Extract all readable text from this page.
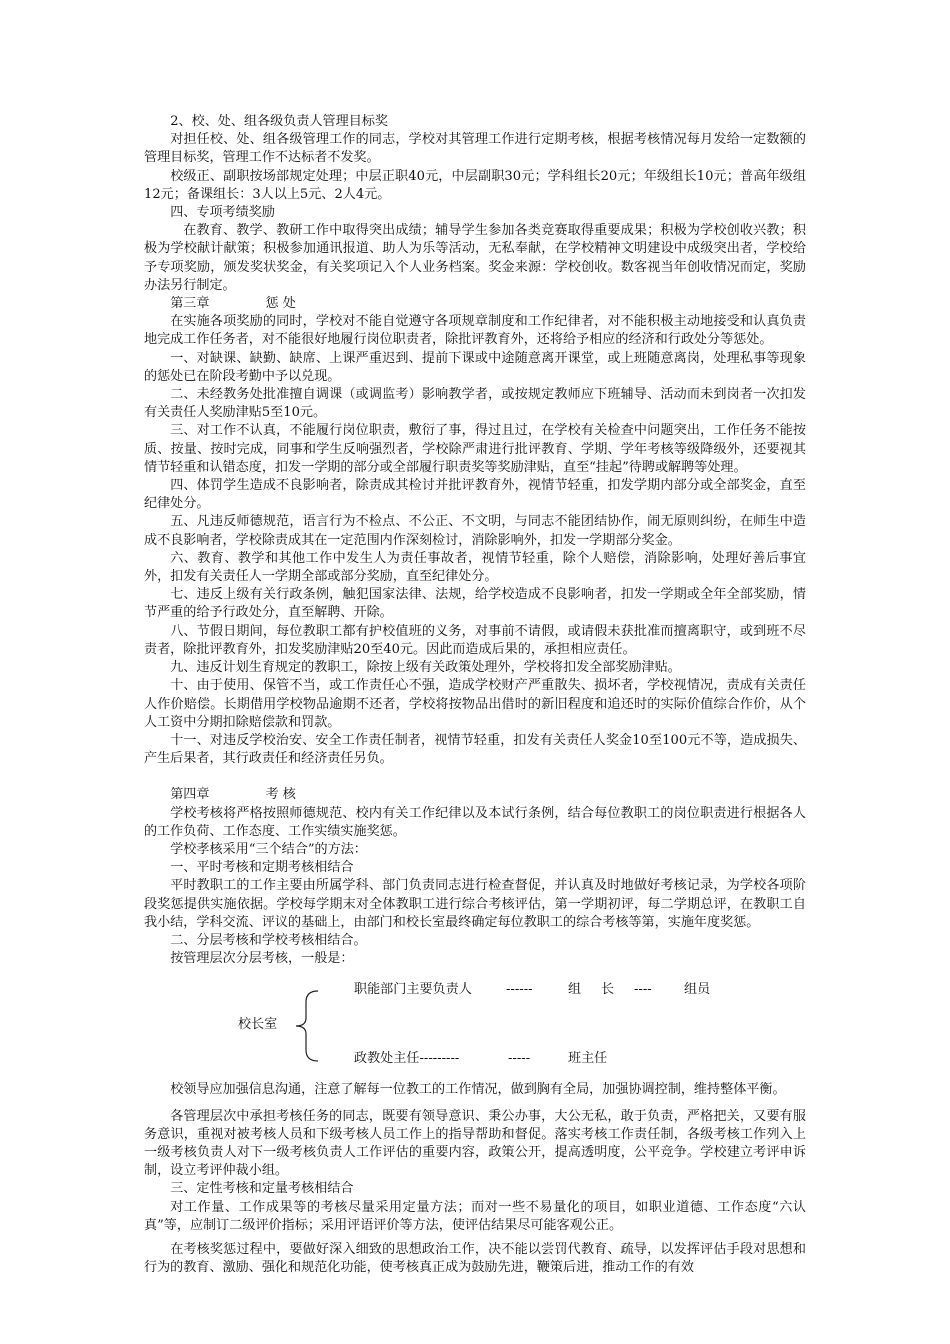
2、校、处、组各级负责人管理目标奖

对担任校、处、组各级管理工作的同志，学校对其管理工作进行定期考核，根据考核情况每月发给一定数额的管理目标奖，管理工作不达标者不发奖。

校级正、副职按场部规定处理；中层正职40元，中层副职30元；学科组长20元；年级组长10元；普高年级组12元；备课组长：3人以上5元、2人4元。

四、专项考绩奖励

在教育、教学、教研工作中取得突出成绩；辅导学生参加各类竞赛取得重要成果；积极为学校创收兴教；积极为学校献计献策；积极参加通讯报道、助人为乐等活动，无私奉献，在学校精神文明建设中成级突出者，学校给予专项奖励，颁发奖状奖金，有关奖项记入个人业务档案。奖金来源：学校创收。数客视当年创收情况而定，奖励办法另行制定。

第三章	惩 处

在实施各项奖励的同时，学校对不能自觉遵守各项规章制度和工作纪律者，对不能积极主动地接受和认真负责地完成工作任务者，对不能很好地履行岗位职责者，除批评教育外，还将给予相应的经济和行政处分等惩处。

一、对缺课、缺勤、缺席、上课严重迟到、提前下课或中途随意离开课堂，或上班随意离岗，处理私事等现象的惩处已在阶段考勤中予以兑现。

二、未经教务处批准擅自调课（或调监考）影响教学者，或按规定教师应下班辅导、活动而未到岗者一次扣发有关责任人奖励津贴5至10元。

三、对工作不认真，不能履行岗位职责，敷衍了事，得过且过，在学校有关检查中问题突出，工作任务不能按质、按量、按时完成，同事和学生反响强烈者，学校除严肃进行批评教育、学期、学年考核等级降级外，还要视其情节轻重和认错态度，扣发一学期的部分或全部履行职责奖等奖励津贴，直至“挂起”待聘或解聘等处理。

四、体罚学生造成不良影响者，除责成其检讨并批评教育外，视情节轻重，扣发学期内部分或全部奖金，直至纪律处分。

五、凡违反师德规范，语言行为不检点、不公正、不文明，与同志不能团结协作，闹无原则纠纷，在师生中造成不良影响者，学校除责成其在一定范围内作深刻检讨，消除影响外，扣发一学期部分奖金。

六、教育、教学和其他工作中发生人为责任事故者，视情节轻重，除个人赔偿，消除影响，处理好善后事宜外，扣发有关责任人一学期全部或部分奖励，直至纪律处分。

七、违反上级有关行政条例，触犯国家法律、法规，给学校造成不良影响者，扣发一学期或全年全部奖励，情节严重的给予行政处分，直至解聘、开除。

八、节假日期间，每位教职工都有护校值班的义务，对事前不请假，或请假未获批准而擅离职守，或到班不尽责者，除批评教育外，扣发奖励津贴20至40元。因此而造成后果的，承担相应责任。

九、违反计划生育规定的教职工，除按上级有关政策处理外，学校将扣发全部奖励津贴。

十、由于使用、保管不当，或工作责任心不强，造成学校财产严重散失、损坏者，学校视情况，责成有关责任人作价赔偿。长期借用学校物品逾期不还者，学校将按物品出借时的新旧程度和追还时的实际价值综合作价，从个人工资中分期扣除赔偿款和罚款。

十一、对违反学校治安、安全工作责任制者，视情节轻重，扣发有关责任人奖金10至100元不等，造成损失、产生后果者，其行政责任和经济责任另负。

第四章	考 核

学校考核将严格按照师德规范、校内有关工作纪律以及本试行条例，结合每位教职工的岗位职责进行根据各人的工作负荷、工作态度、工作实绩实施奖惩。

学校孝核采用“三个结合”的方法：

一、平时考核和定期考核相结合

平时教职工的工作主要由所属学科、部门负责同志进行检查督促，并认真及时地做好考核记录，为学校各项阶段奖惩提供实施依据。学校每学期末对全体教职工进行综合考核评估，第一学期初评，每二学期总评，在教职工自我小结，学科交流、评议的基础上，由部门和校长室最终确定每位教职工的综合考核等第，实施年度奖惩。

二、分层考核和学校考核相结合。

按管理层次分层考核，一般是：

校长室
职能部门主要负责人	------	组 长 ---- 组员
政教处主任---------	-----	班主任

校领导应加强信息沟通，注意了解每一位教工的工作情况，做到胸有全局，加强协调控制，维持整体平衡。

各管理层次中承担考核任务的同志，既要有领导意识、秉公办事，大公无私，敢于负责，严格把关，又要有服务意识，重视对被考核人员和下级考核人员工作上的指导帮助和督促。落实考核工作责任制，各级考核工作列入上一级考核负责人对下一级考核负责人工作评估的重要内容，政策公开，提高透明度，公平竞争。学校建立考评申诉制，设立考评仲裁小组。

三、定性考核和定量考核相结合

对工作量、工作成果等的考核尽量采用定量方法；而对一些不易量化的项目，如职业道德、工作态度“六认真”等，应制订二级评价指标；采用评语评价等方法，使评估结果尽可能客观公正。

在考核奖惩过程中，要做好深入细致的思想政治工作，决不能以尝罚代教育、疏导，以发挥评估手段对思想和行为的教育、激励、强化和规范化功能，使考核真正成为鼓励先进，鞭策后进，推动工作的有效
